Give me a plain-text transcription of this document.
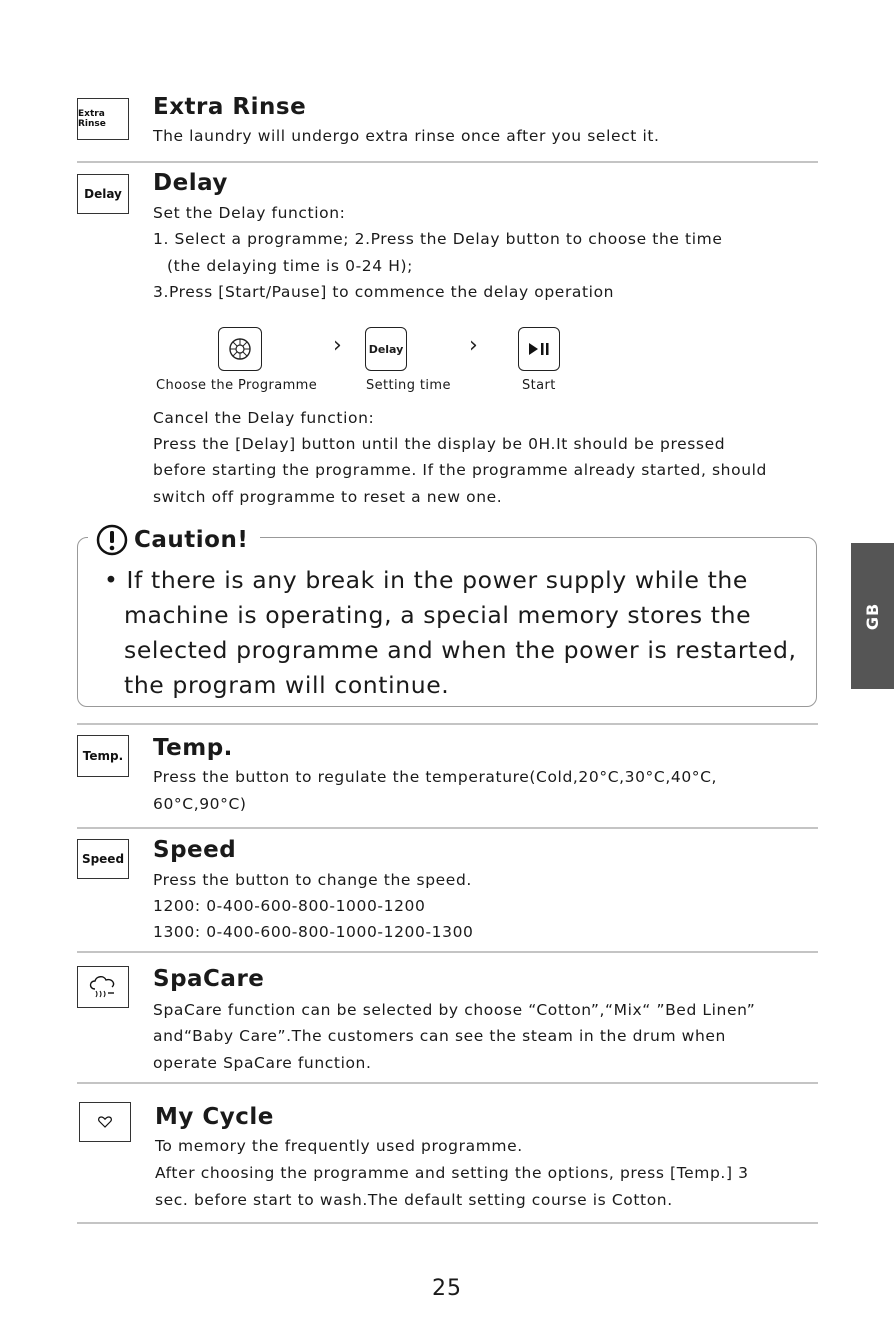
Extra Rinse
Extra Rinse

The laundry will undergo extra rinse once after you select it.

Delay Delay

Set the Delay function:

1. Select a programme; 2.Press the Delay button to choose the time

(the delaying time is 0-24 H);

3.Press [Start/Pause] to commence the delay operation

› Delay	›
Choose the Programme	Setting time	Start

Cancel the Delay function:

Press the [Delay] button until the display be 0H.It should be pressed

before starting the programme. If the programme already started, should

switch off programme to reset a new one.

Caution!

• If there is any break in the power supply while the

machine is operating, a special memory stores the

selected programme and when the power is restarted,

the program will continue.

Temp. Temp.

Press the button to regulate the temperature(Cold,20°C,30°C,40°C,

60°C,90°C)

Speed Speed

Press the button to change the speed.

1200: 0-400-600-800-1000-1200

1300: 0-400-600-800-1000-1200-1300

SpaCare

SpaCare function can be selected by choose “Cotton”,“Mix“ ”Bed Linen”

and“Baby Care”.The customers can see the steam in the drum when

operate SpaCare function.

My Cycle

To memory the frequently used programme.

After choosing the programme and setting the options, press [Temp.] 3

sec. before start to wash.The default setting course is Cotton.

GB
25
